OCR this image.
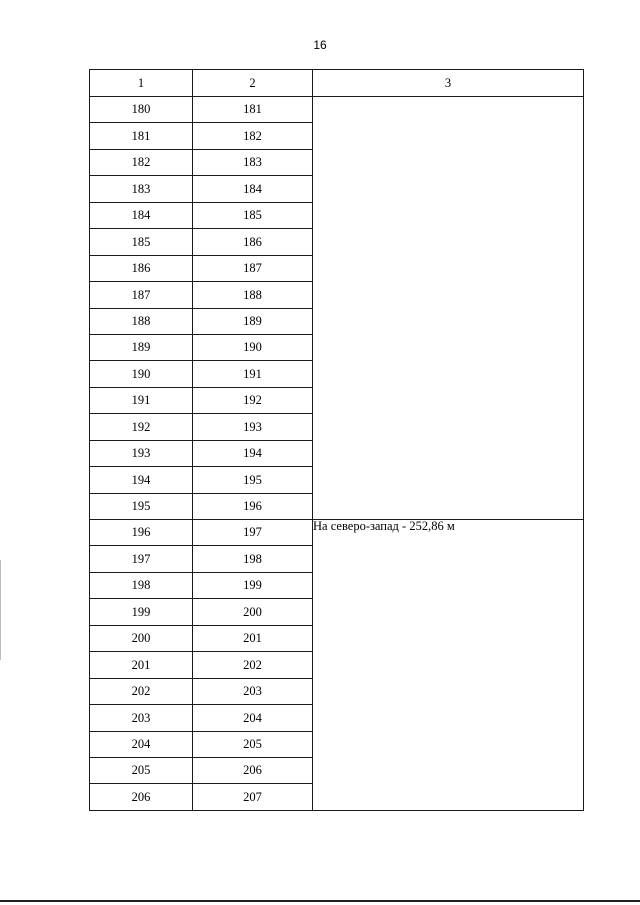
16
1	2	3
180	181	
181	182	
182	183	
183	184	
184	185	
185	186	
186	187	
187	188	
188	189	
189	190	
190	191	
191	192	
192	193	
193	194	
194	195	
195	196	
196	197	На северо-запад - 252,86 м
197	198	
198	199	
199	200	
200	201	
201	202	
202	203	
203	204	
204	205	
205	206	
206	207	
